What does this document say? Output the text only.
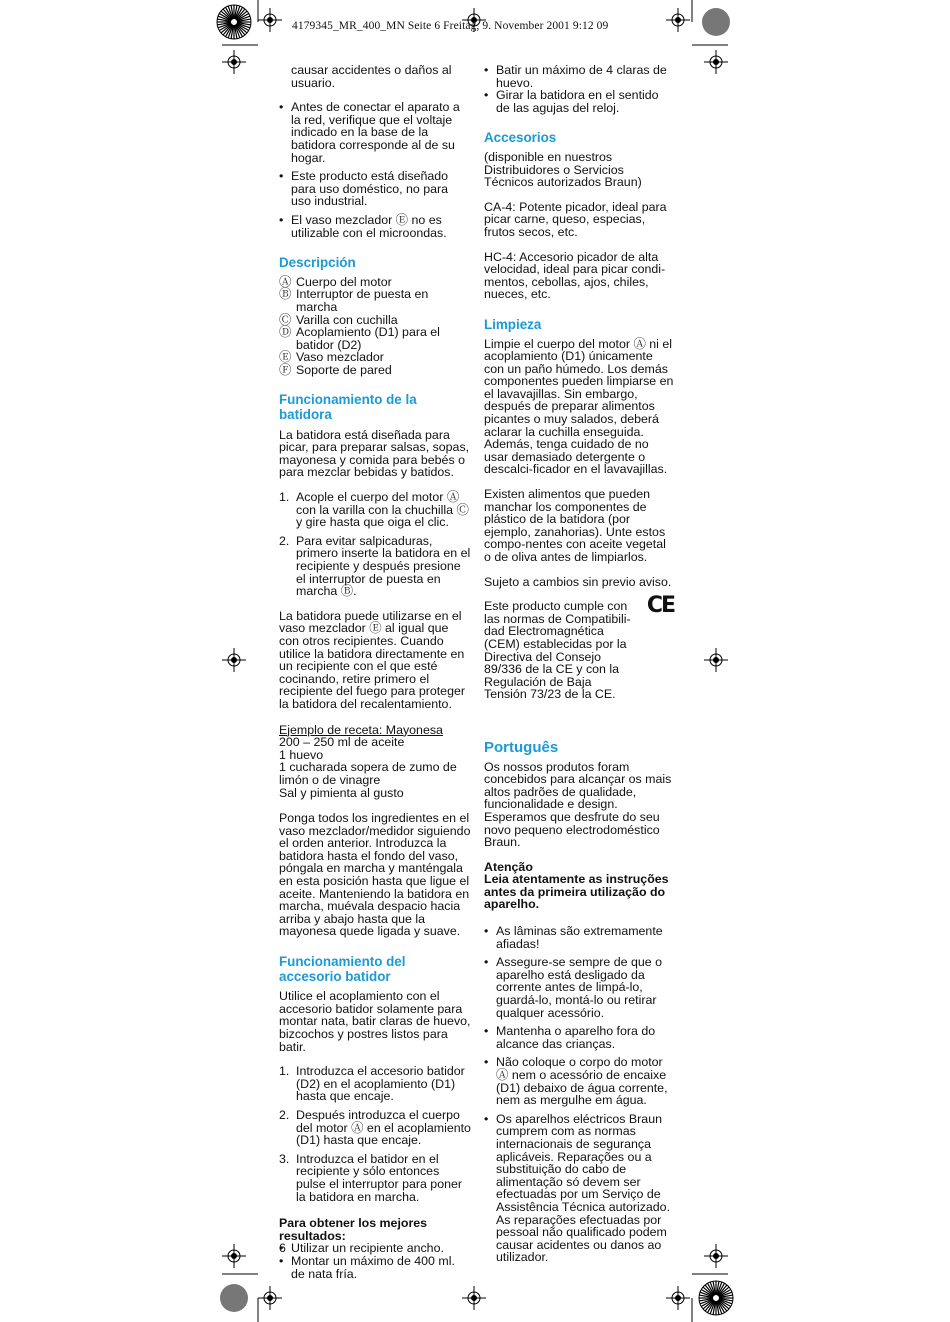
4179345_MR_400_MN Seite 6 Freitag, 9. November 2001 9:12 09

causar accidentes o daños al usuario.

• Antes de conectar el aparato a la red, verifique que el voltaje indicado en la base de la batidora corresponde al de su hogar.
• Este producto está diseñado para uso doméstico, no para uso industrial.
• El vaso mezclador Ⓔ no es utilizable con el microondas.
Descripción
Ⓐ Cuerpo del motor
Ⓑ Interruptor de puesta en marcha
Ⓒ Varilla con cuchilla
Ⓓ Acoplamiento (D1) para el batidor (D2)
Ⓔ Vaso mezclador
Ⓕ Soporte de pared
Funcionamiento de la batidora

La batidora está diseñada para picar, para preparar salsas, sopas, mayonesa y comida para bebés o para mezclar bebidas y batidos.

1. Acople el cuerpo del motor Ⓐ con la varilla con la chuchilla Ⓒ y gire hasta que oiga el clic.
2. Para evitar salpicaduras, primero inserte la batidora en el recipiente y después presione el interruptor de puesta en marcha Ⓑ.

La batidora puede utilizarse en el vaso mezclador Ⓔ al igual que con otros recipientes. Cuando utilice la batidora directamente en un recipiente con el que esté cocinando, retire primero el recipiente del fuego para proteger la batidora del recalentamiento.

Ejemplo de receta: Mayonesa
200 – 250 ml de aceite
1 huevo
1 cucharada sopera de zumo de limón o de vinagre
Sal y pimienta al gusto

Ponga todos los ingredientes en el vaso mezclador/medidor siguiendo el orden anterior. Introduzca la batidora hasta el fondo del vaso, póngala en marcha y manténgala en esta posición hasta que ligue el aceite. Manteniendo la batidora en marcha, muévala despacio hacia arriba y abajo hasta que la mayonesa quede ligada y suave.

Funcionamiento del accesorio batidor

Utilice el acoplamiento con el accesorio batidor solamente para montar nata, batir claras de huevo, bizcochos y postres listos para batir.

1. Introduzca el accesorio batidor (D2) en el acoplamiento (D1) hasta que encaje.
2. Después introduzca el cuerpo del motor Ⓐ en el acoplamiento (D1) hasta que encaje.
3. Introduzca el batidor en el recipiente y sólo entonces pulse el interruptor para poner la batidora en marcha.
Para obtener los mejores resultados:
• Utilizar un recipiente ancho.
• Montar un máximo de 400 ml. de nata fría.
• Batir un máximo de 4 claras de huevo.
• Girar la batidora en el sentido de las agujas del reloj.
Accesorios

(disponible en nuestros Distribuidores o Servicios Técnicos autorizados Braun)

CA-4: Potente picador, ideal para picar carne, queso, especias, frutos secos, etc.

HC-4: Accesorio picador de alta velocidad, ideal para picar condi-mentos, cebollas, ajos, chiles, nueces, etc.

Limpieza

Limpie el cuerpo del motor Ⓐ ni el acoplamiento (D1) únicamente con un paño húmedo. Los demás componentes pueden limpiarse en el lavavajillas. Sin embargo, después de preparar alimentos picantes o muy salados, deberá aclarar la cuchilla enseguida. Además, tenga cuidado de no usar demasiado detergente o descalci-ficador en el lavavajillas.

Existen alimentos que pueden manchar los componentes de plástico de la batidora (por ejemplo, zanahorias). Unte estos compo-nentes con aceite vegetal o de oliva antes de limpiarlos.

Sujeto a cambios sin previo aviso.

Este producto cumple con las normas de Compatibili-dad Electromagnética (CEM) establecidas por la Directiva del Consejo 89/336 de la CE y con la Regulación de Baja Tensión 73/23 de la CE.
CE
Português

Os nossos produtos foram concebidos para alcançar os mais altos padrões de qualidade, funcionalidade e design. Esperamos que desfrute do seu novo pequeno electrodoméstico Braun.

Atenção

Leia atentamente as instruções antes da primeira utilização do aparelho.

• As lâminas são extremamente afiadas!
• Assegure-se sempre de que o aparelho está desligado da corrente antes de limpá-lo, guardá-lo, montá-lo ou retirar qualquer acessório.
• Mantenha o aparelho fora do alcance das crianças.
• Não coloque o corpo do motor Ⓐ nem o acessório de encaixe (D1) debaixo de água corrente, nem as mergulhe em água.
• Os aparelhos eléctricos Braun cumprem com as normas internacionais de segurança aplicáveis. Reparações ou a substituição do cabo de alimentação só devem ser efectuadas por um Serviço de Assistência Técnica autorizado. As reparações efectuadas por pessoal não qualificado podem causar acidentes ou danos ao utilizador.
6
